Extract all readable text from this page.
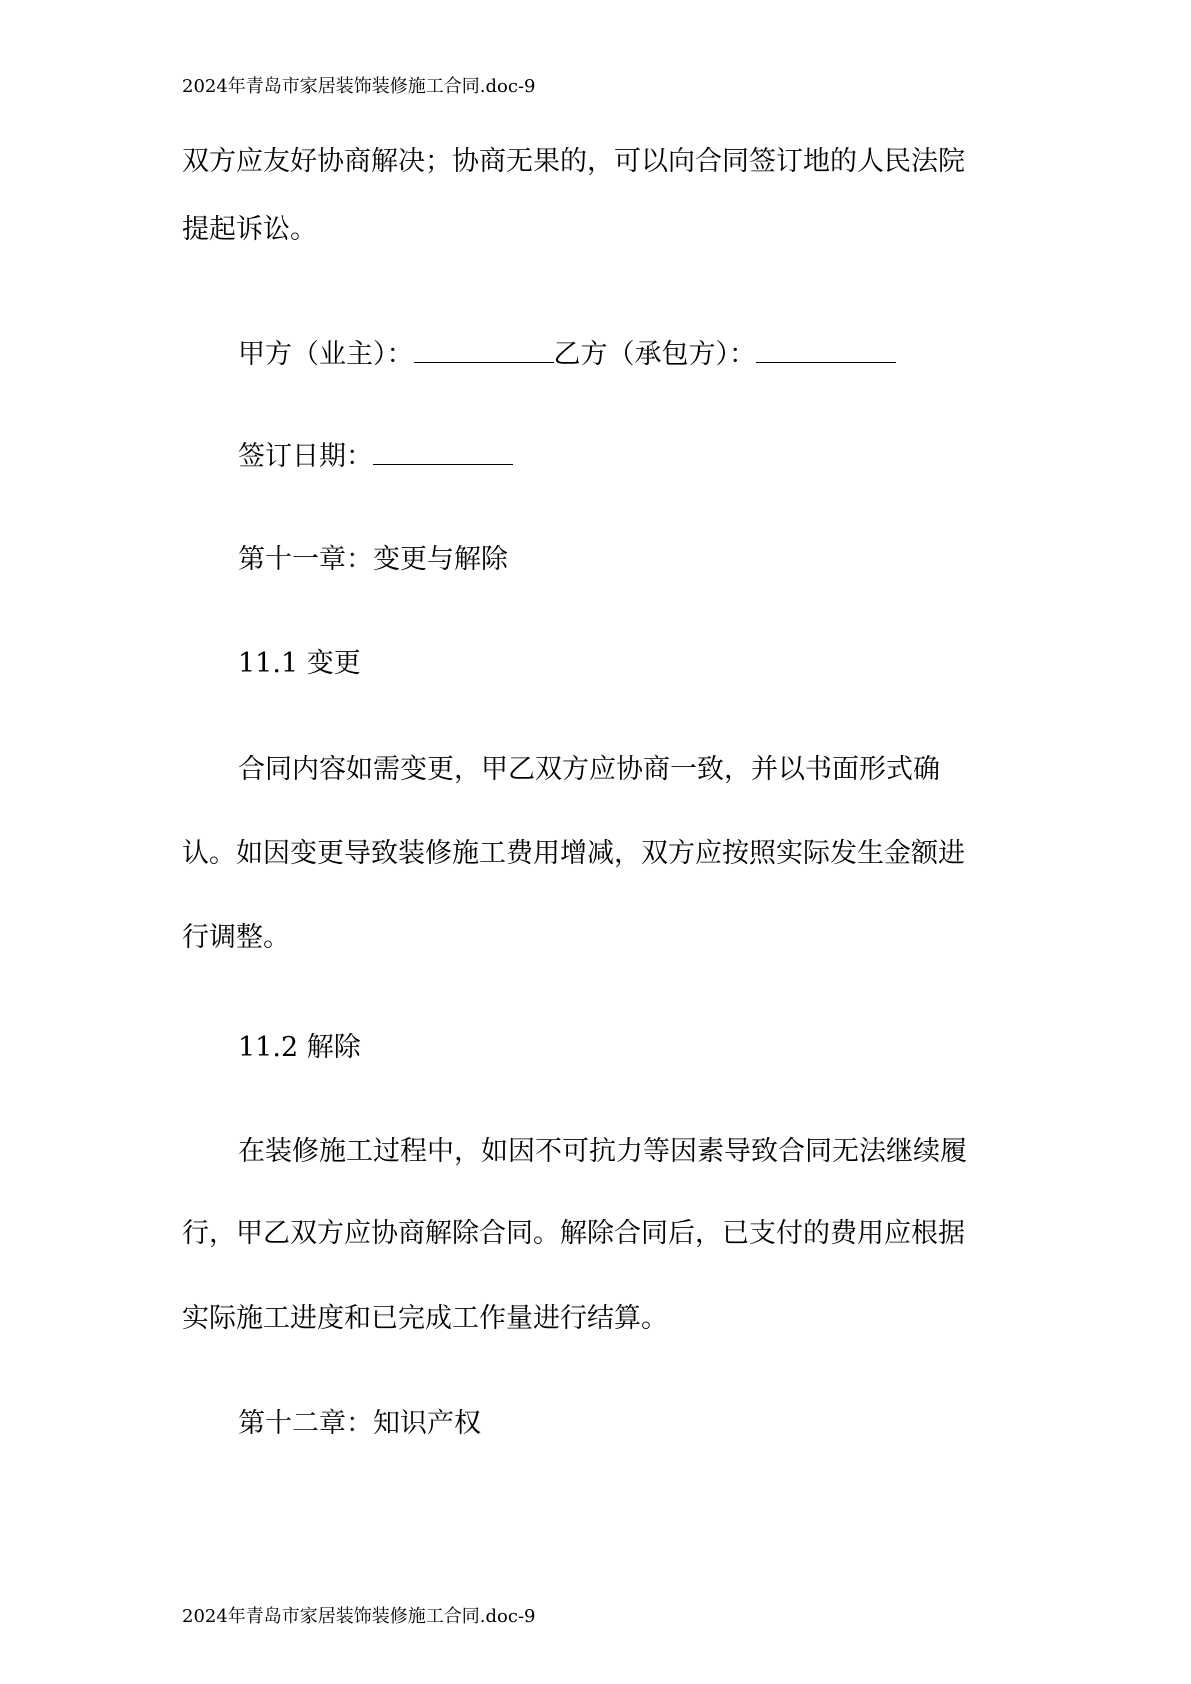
2024年青岛市家居装饰装修施工合同.doc-9
双方应友好协商解决；协商无果的，可以向合同签订地的人民法院
提起诉讼。
甲方（业主）：	乙方（承包方）：
签订日期：
第十一章：变更与解除
11.1 变更
合同内容如需变更，甲乙双方应协商一致，并以书面形式确
认。如因变更导致装修施工费用增减，双方应按照实际发生金额进
行调整。
11.2 解除
在装修施工过程中，如因不可抗力等因素导致合同无法继续履
行，甲乙双方应协商解除合同。解除合同后，已支付的费用应根据
实际施工进度和已完成工作量进行结算。
第十二章：知识产权
2024年青岛市家居装饰装修施工合同.doc-9
